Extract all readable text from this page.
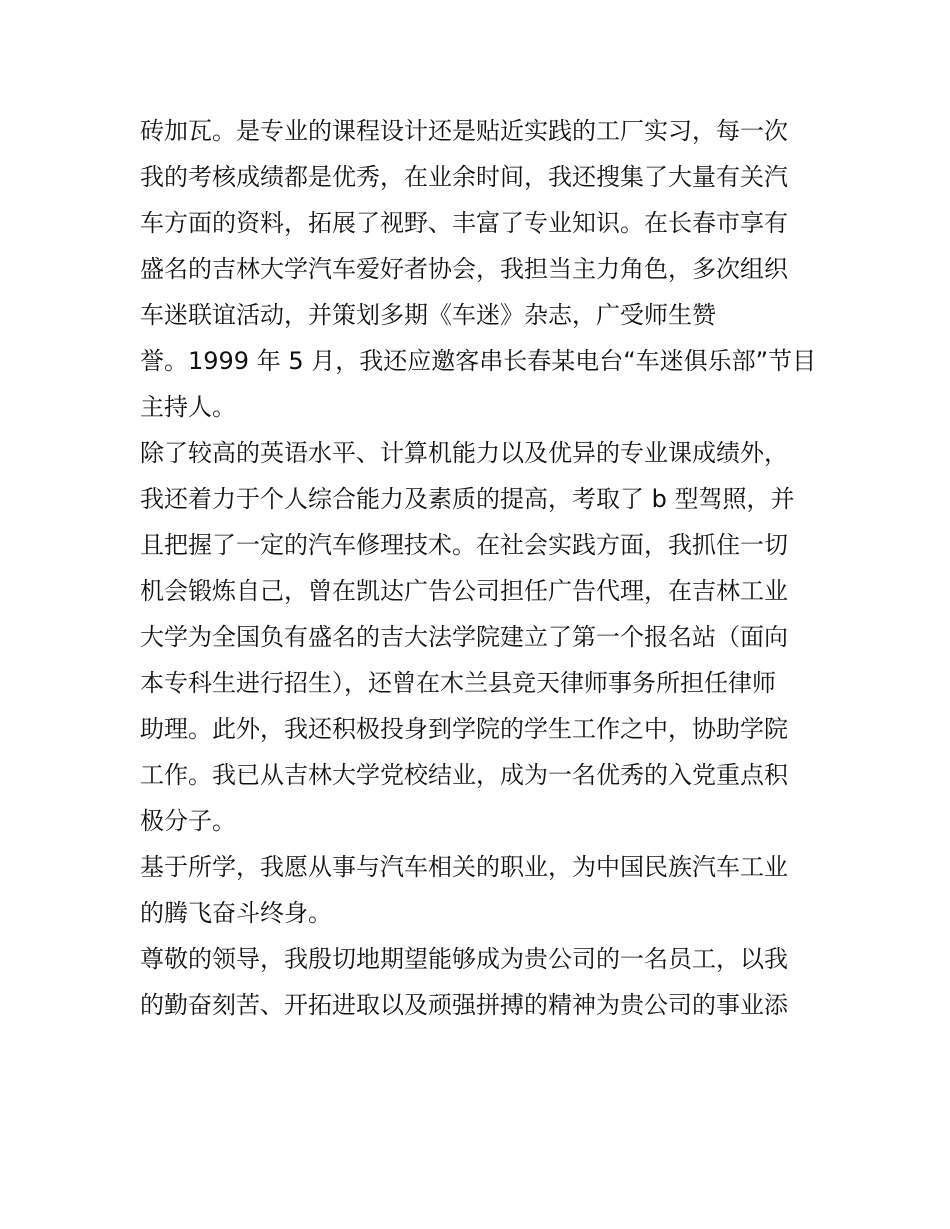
砖加瓦。是专业的课程设计还是贴近实践的工厂实习，每一次
我的考核成绩都是优秀，在业余时间，我还搜集了大量有关汽
车方面的资料，拓展了视野、丰富了专业知识。在长春市享有
盛名的吉林大学汽车爱好者协会，我担当主力角色，多次组织
车迷联谊活动，并策划多期《车迷》杂志，广受师生赞
誉。1999 年 5 月，我还应邀客串长春某电台“车迷俱乐部”节目
主持人。
除了较高的英语水平、计算机能力以及优异的专业课成绩外，
我还着力于个人综合能力及素质的提高，考取了 b 型驾照，并
且把握了一定的汽车修理技术。在社会实践方面，我抓住一切
机会锻炼自己，曾在凯达广告公司担任广告代理，在吉林工业
大学为全国负有盛名的吉大法学院建立了第一个报名站（面向
本专科生进行招生），还曾在木兰县竞天律师事务所担任律师
助理。此外，我还积极投身到学院的学生工作之中，协助学院
工作。我已从吉林大学党校结业，成为一名优秀的入党重点积
极分子。
基于所学，我愿从事与汽车相关的职业，为中国民族汽车工业
的腾飞奋斗终身。
尊敬的领导，我殷切地期望能够成为贵公司的一名员工，以我
的勤奋刻苦、开拓进取以及顽强拼搏的精神为贵公司的事业添
